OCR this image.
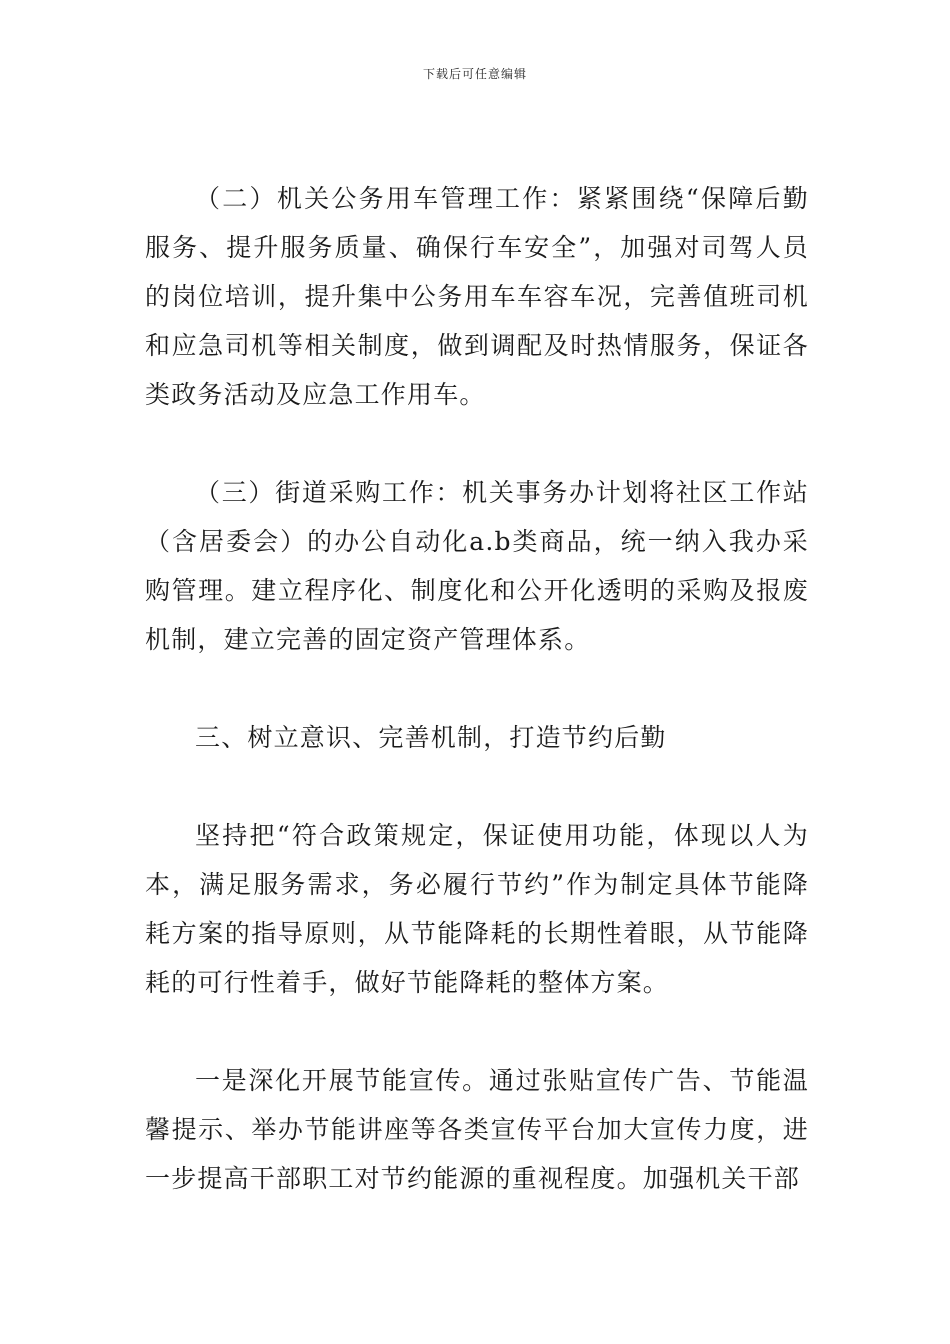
下载后可任意编辑

（二）机关公务用车管理工作：紧紧围绕“保障后勤服务、提升服务质量、确保行车安全”，加强对司驾人员的岗位培训，提升集中公务用车车容车况，完善值班司机和应急司机等相关制度，做到调配及时热情服务，保证各类政务活动及应急工作用车。

（三）街道采购工作：机关事务办计划将社区工作站（含居委会）的办公自动化a.b类商品，统一纳入我办采购管理。建立程序化、制度化和公开化透明的采购及报废机制，建立完善的固定资产管理体系。

三、树立意识、完善机制，打造节约后勤

坚持把“符合政策规定，保证使用功能，体现以人为本，满足服务需求，务必履行节约”作为制定具体节能降耗方案的指导原则，从节能降耗的长期性着眼，从节能降耗的可行性着手，做好节能降耗的整体方案。

一是深化开展节能宣传。通过张贴宣传广告、节能温馨提示、举办节能讲座等各类宣传平台加大宣传力度，进一步提高干部职工对节约能源的重视程度。加强机关干部
